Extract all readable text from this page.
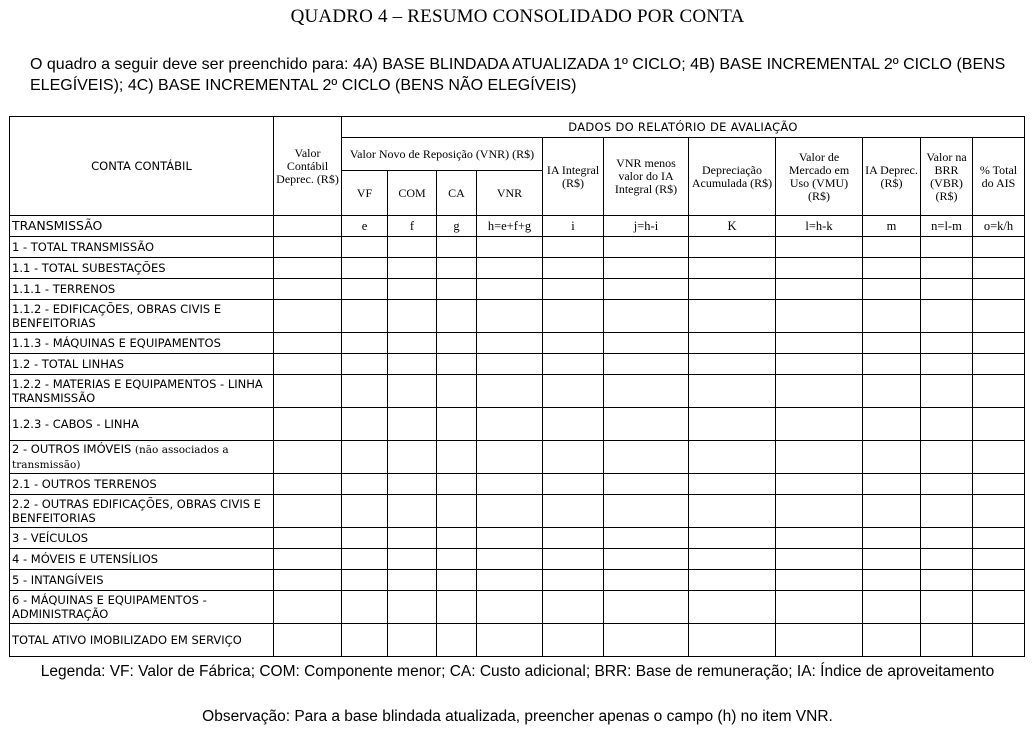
QUADRO 4 – RESUMO CONSOLIDADO POR CONTA
O quadro a seguir deve ser preenchido para: 4A) BASE BLINDADA ATUALIZADA 1º CICLO; 4B) BASE INCREMENTAL 2º CICLO (BENS ELEGÍVEIS); 4C) BASE INCREMENTAL 2º CICLO (BENS NÃO ELEGÍVEIS)
CONTA CONTÁBIL	Valor Contábil Deprec. (R$)	DADOS DO RELATÓRIO DE AVALIAÇÃO										
		Valor Novo de Reposição (VNR) (R$)				IA Integral (R$)	VNR menos valor do IA Integral (R$)	Depreciação Acumulada (R$)	Valor de Mercado em Uso (VMU) (R$)	IA Deprec. (R$)	Valor na BRR (VBR) (R$)	% Total do AIS
		VF	COM	CA	VNR							
TRANSMISSÃO		e	f	g	h=e+f+g	i	j=h-i	K	l=h-k	m	n=l-m	o=k/h
1 - TOTAL TRANSMISSÃO												
1.1 - TOTAL SUBESTAÇÕES												
1.1.1 - TERRENOS												
1.1.2 - EDIFICAÇÕES, OBRAS CIVIS E BENFEITORIAS												
1.1.3 - MÁQUINAS E EQUIPAMENTOS												
1.2 - TOTAL LINHAS												
1.2.2 - MATERIAS E EQUIPAMENTOS - LINHA TRANSMISSÃO												
1.2.3 - CABOS - LINHA												
2 - OUTROS IMÓVEIS (não associados a transmissão)												
2.1 - OUTROS TERRENOS												
2.2 - OUTRAS EDIFICAÇÕES, OBRAS CIVIS E BENFEITORIAS												
3 - VEÍCULOS												
4 - MÓVEIS E UTENSÍLIOS												
5 - INTANGÍVEIS												
6 - MÁQUINAS E EQUIPAMENTOS - ADMINISTRAÇÃO												
TOTAL ATIVO IMOBILIZADO EM SERVIÇO												
Legenda: VF: Valor de Fábrica; COM: Componente menor; CA: Custo adicional; BRR: Base de remuneração; IA: Índice de aproveitamento
Observação: Para a base blindada atualizada, preencher apenas o campo (h) no item VNR.
